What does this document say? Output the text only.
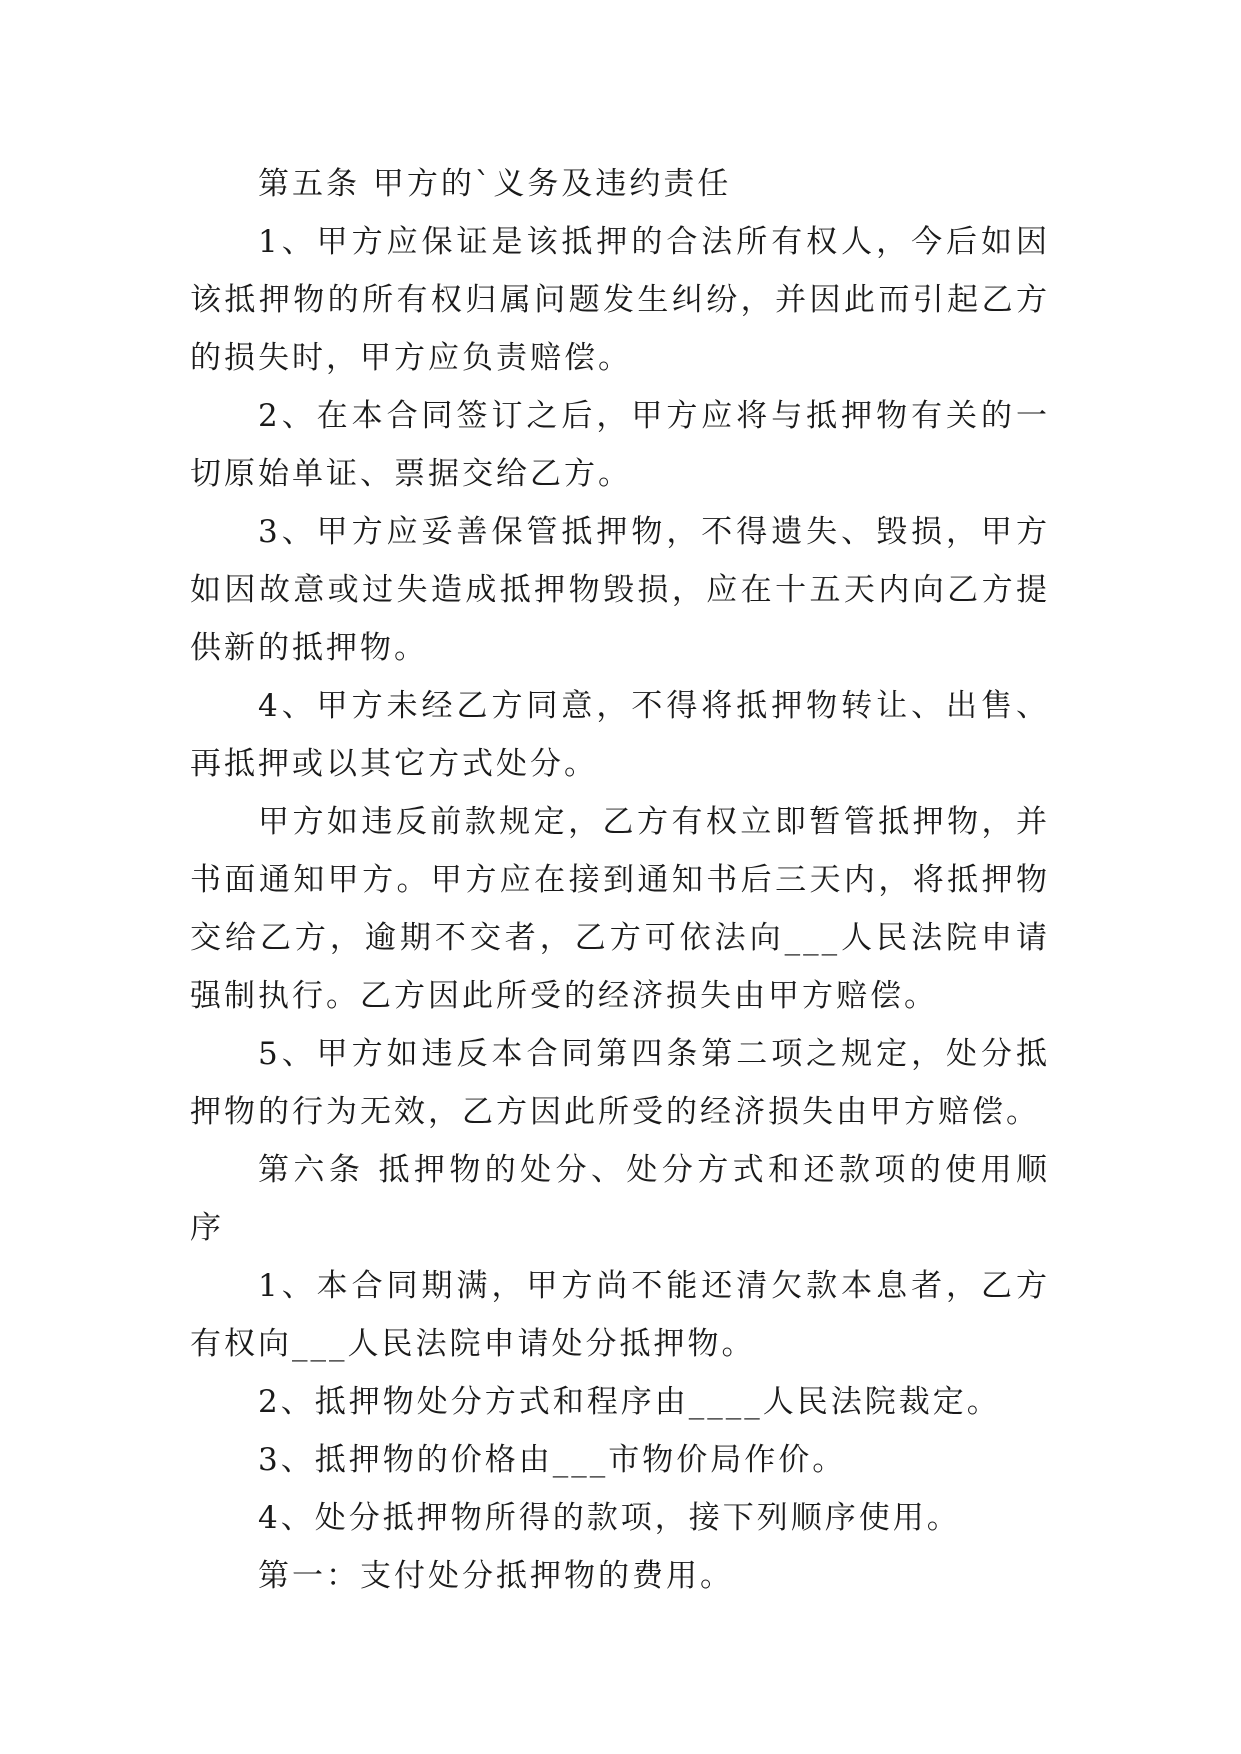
第五条 甲方的`义务及违约责任

1、甲方应保证是该抵押的合法所有权人，今后如因该抵押物的所有权归属问题发生纠纷，并因此而引起乙方的损失时，甲方应负责赔偿。

2、在本合同签订之后，甲方应将与抵押物有关的一切原始单证、票据交给乙方。

3、甲方应妥善保管抵押物，不得遗失、毁损，甲方如因故意或过失造成抵押物毁损，应在十五天内向乙方提供新的抵押物。

4、甲方未经乙方同意，不得将抵押物转让、出售、再抵押或以其它方式处分。

甲方如违反前款规定，乙方有权立即暂管抵押物，并书面通知甲方。甲方应在接到通知书后三天内，将抵押物交给乙方，逾期不交者，乙方可依法向___人民法院申请强制执行。乙方因此所受的经济损失由甲方赔偿。

5、甲方如违反本合同第四条第二项之规定，处分抵押物的行为无效，乙方因此所受的经济损失由甲方赔偿。

第六条 抵押物的处分、处分方式和还款项的使用顺序

1、本合同期满，甲方尚不能还清欠款本息者，乙方有权向___人民法院申请处分抵押物。

2、抵押物处分方式和程序由____人民法院裁定。

3、抵押物的价格由___市物价局作价。

4、处分抵押物所得的款项，接下列顺序使用。

第一：支付处分抵押物的费用。
